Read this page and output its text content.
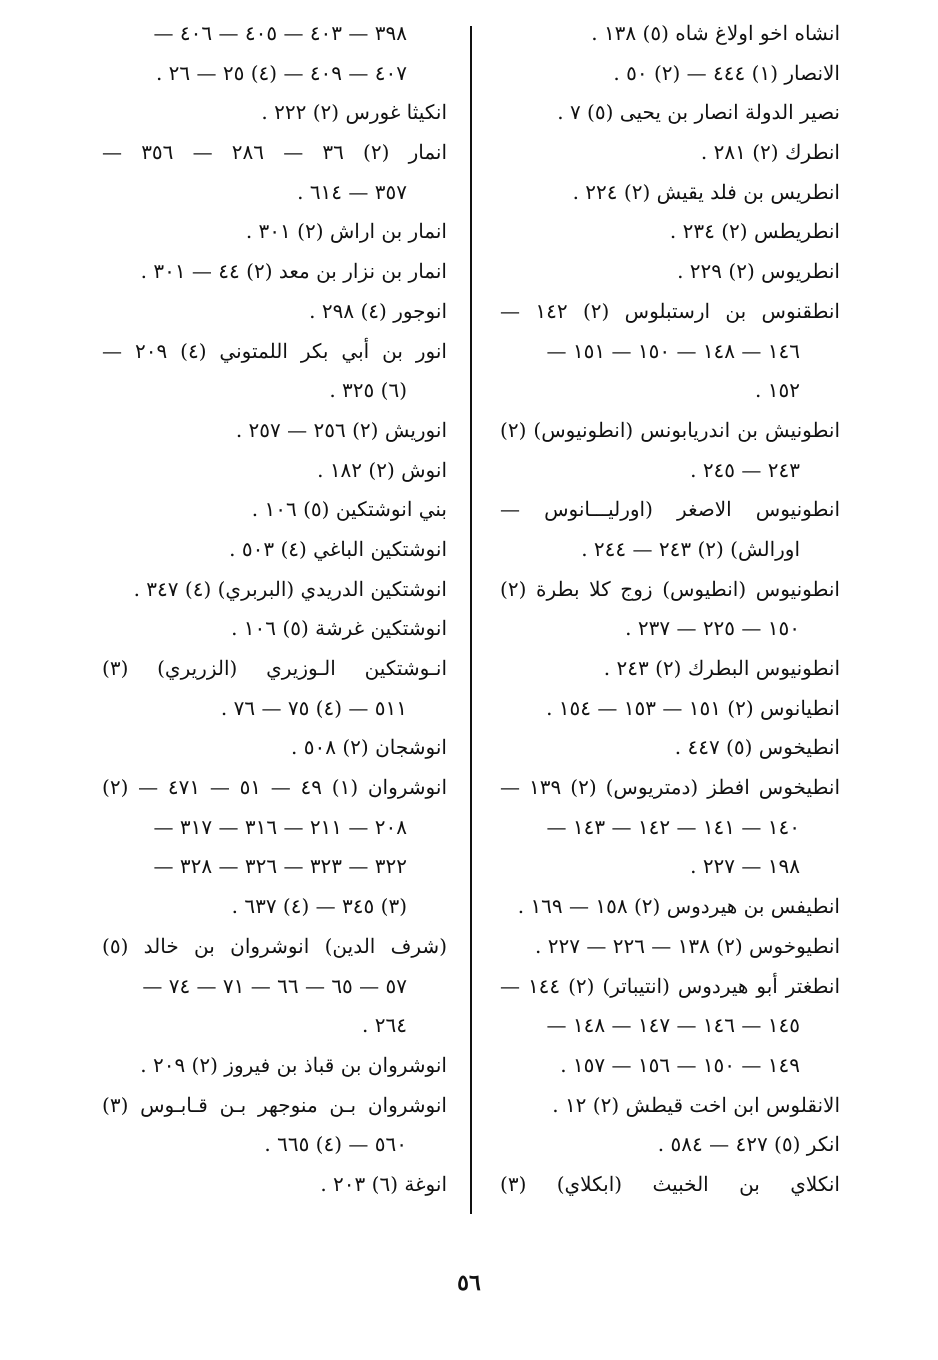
انشاه اخو اولاغ شاه (٥) ١٣٨ .
الانصار (١) ٤٤٤ — (٢) ٥٠ .
نصير الدولة انصار بن يحيى (٥) ٧ .
انطرك (٢) ٢٨١ .
انطريس بن فلد يقيش (٢) ٢٢٤ .
انطريطس (٢) ٢٣٤ .
انطريوس (٢) ٢٢٩ .
انطقنوس بن ارستبلوس (٢) ١٤٢ —
١٤٦ — ١٤٨ — ١٥٠ — ١٥١ —
١٥٢ .
انطونيش بن اندريابونس (انطونيوس) (٢)
٢٤٣ — ٢٤٥ .
انطونيوس الاصغر (اورليـــانوس —
اورالش) (٢) ٢٤٣ — ٢٤٤ .
انطونيوس (انطيوس) زوج كلا بطرة (٢)
١٥٠ — ٢٢٥ — ٢٣٧ .
انطونيوس البطرك (٢) ٢٤٣ .
انطيانوس (٢) ١٥١ — ١٥٣ — ١٥٤ .
انطيخوس (٥) ٤٤٧ .
انطيخوس افطز (دمتريوس) (٢) ١٣٩ —
١٤٠ — ١٤١ — ١٤٢ — ١٤٣ —
١٩٨ — ٢٢٧ .
انطيفس بن هيردوس (٢) ١٥٨ — ١٦٩ .
انطيوخوس (٢) ١٣٨ — ٢٢٦ — ٢٢٧ .
انطغتر أبو هيردوس (انتيباتر) (٢) ١٤٤ —
١٤٥ — ١٤٦ — ١٤٧ — ١٤٨ —
١٤٩ — ١٥٠ — ١٥٦ — ١٥٧ .
الانقلوس ابن اخت قيطش (٢) ١٢ .
انكر (٥) ٤٢٧ — ٥٨٤ .
انكلاي بن الخبيث (ابكلاي) (٣)
٣٩٨ — ٤٠٣ — ٤٠٥ — ٤٠٦ —
٤٠٧ — ٤٠٩ — (٤) ٢٥ — ٢٦ .
انكيثا غورس (٢) ٢٢٢ .
انمار (٢) ٣٦ — ٢٨٦ — ٣٥٦ —
٣٥٧ — ٦١٤ .
انمار بن اراش (٢) ٣٠١ .
انمار بن نزار بن معد (٢) ٤٤ — ٣٠١ .
انوجور (٤) ٢٩٨ .
انور بن أبي بكر اللمتوني (٤) ٢٠٩ —
(٦) ٣٢٥ .
انوريش (٢) ٢٥٦ — ٢٥٧ .
انوش (٢) ١٨٢ .
بني انوشتكين (٥) ١٠٦ .
انوشتكين الباغي (٤) ٥٠٣ .
انوشتكين الدريدي (البربري) (٤) ٣٤٧ .
انوشتكين غرشة (٥) ١٠٦ .
انـوشتكين الـوزيري (الزريري) (٣)
٥١١ — (٤) ٧٥ — ٧٦ .
انوشجان (٢) ٥٠٨ .
انوشروان (١) ٤٩ — ٥١ — ٤٧١ — (٢)
٢٠٨ — ٢١١ — ٣١٦ — ٣١٧ —
٣٢٢ — ٣٢٣ — ٣٢٦ — ٣٢٨ —
(٣) ٣٤٥ — (٤) ٦٣٧ .
(شرف الدين) انوشروان بن خالد (٥)
٥٧ — ٦٥ — ٦٦ — ٧١ — ٧٤ —
٢٦٤ .
انوشروان بن قباذ بن فيروز (٢) ٢٠٩ .
انوشروان بـن منوجهر بـن قـابـوس (٣)
٥٦٠ — (٤) ٦٦٥ .
انوغة (٦) ٢٠٣ .
٥٦
